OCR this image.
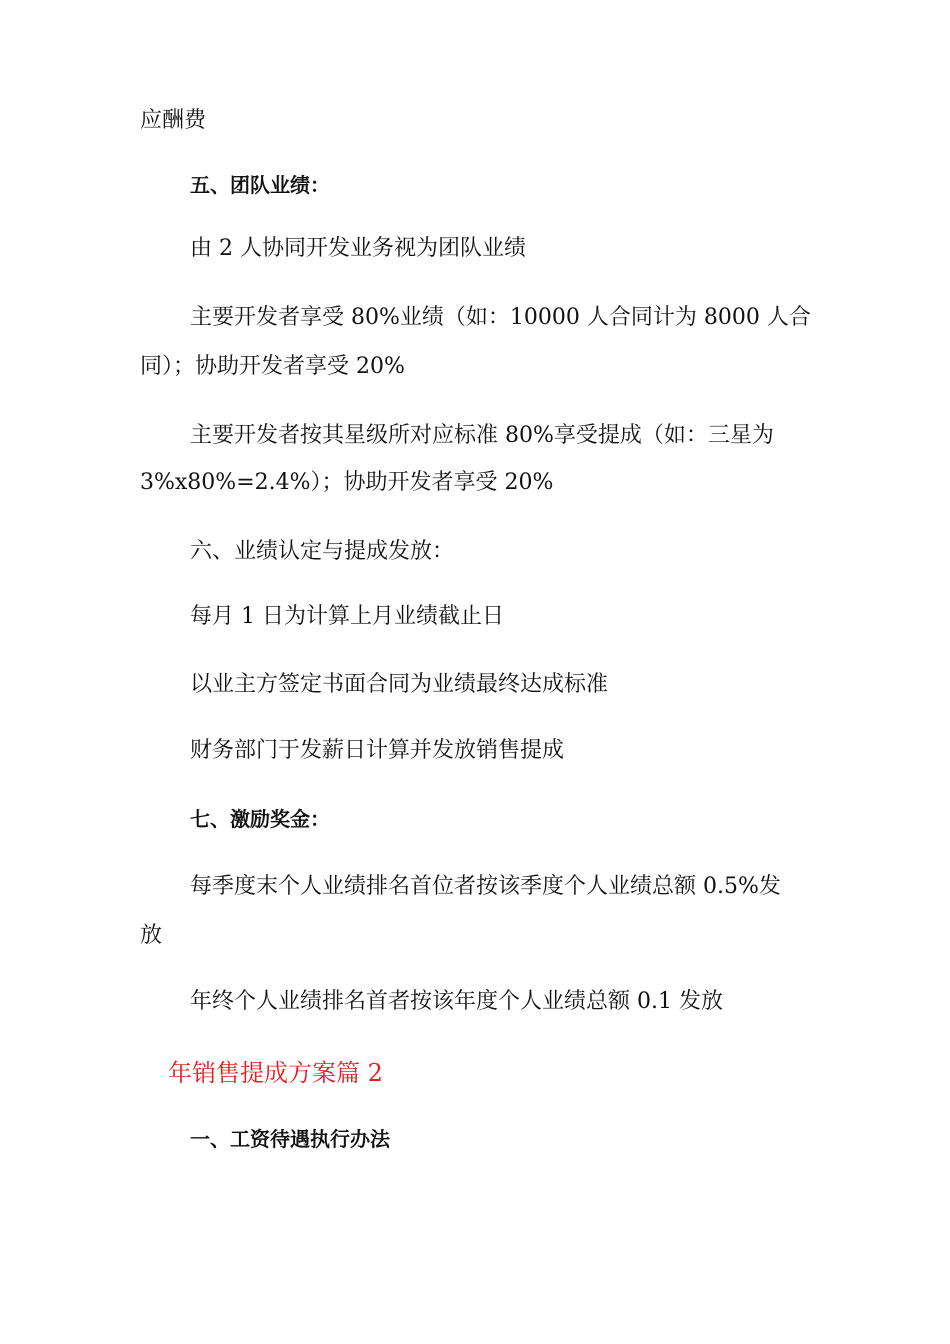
应酬费
五、团队业绩：
由 2 人协同开发业务视为团队业绩
主要开发者享受 80%业绩（如：10000 人合同计为 8000 人合
同）；协助开发者享受 20%
主要开发者按其星级所对应标准 80%享受提成（如：三星为
3%x80%=2.4%）；协助开发者享受 20%
六、业绩认定与提成发放：
每月 1 日为计算上月业绩截止日
以业主方签定书面合同为业绩最终达成标准
财务部门于发薪日计算并发放销售提成
七、激励奖金：
每季度末个人业绩排名首位者按该季度个人业绩总额 0.5%发
放
年终个人业绩排名首者按该年度个人业绩总额 0.1 发放
年销售提成方案篇 2
一、工资待遇执行办法
